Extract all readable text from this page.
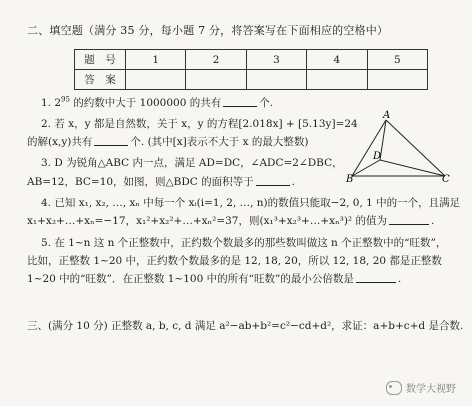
二、填空题（满分 35 分，每小题 7 分，将答案写在下面相应的空格中）
题　号	1	2	3	4	5
答　案					
1. $2^{95}$ 的约数中大于 1000000 的共有	个.
2. 若 x，y 都是自然数，关于 x，y 的方程[2.018x] + [5.13y]=24
的解(x,y)共有	个. (其中[x]表示不大于 x 的最大整数)
3. D 为锐角△ABC 内一点，满足 AD=DC，∠ADC=2∠DBC，
AB=12，BC=10，如图，则△BDC 的面积等于	.
A
B	C
D
4. 已知 x₁, x₂, …, xₙ 中每一个 xᵢ(i=1, 2, …, n)的数值只能取−2, 0, 1 中的一个，且满足
x₁+x₂+…+xₙ=−17，x₁²+x₂²+…+xₙ²=37，则(x₁³+x₂³+…+xₙ³)² 的值为	.
5. 在 1~n 这 n 个正整数中，正约数个数最多的那些数叫做这 n 个正整数中的“旺数”，
比如，正整数 1~20 中，正约数个数最多的是 12, 18, 20，所以 12, 18, 20 都是正整数
1~20 中的“旺数”．在正整数 1~100 中的所有“旺数”的最小公倍数是	.
三、(满分 10 分) 正整数 a, b, c, d 满足 a²−ab+b²=c²−cd+d²，求证：a+b+c+d 是合数.
数学大视野
